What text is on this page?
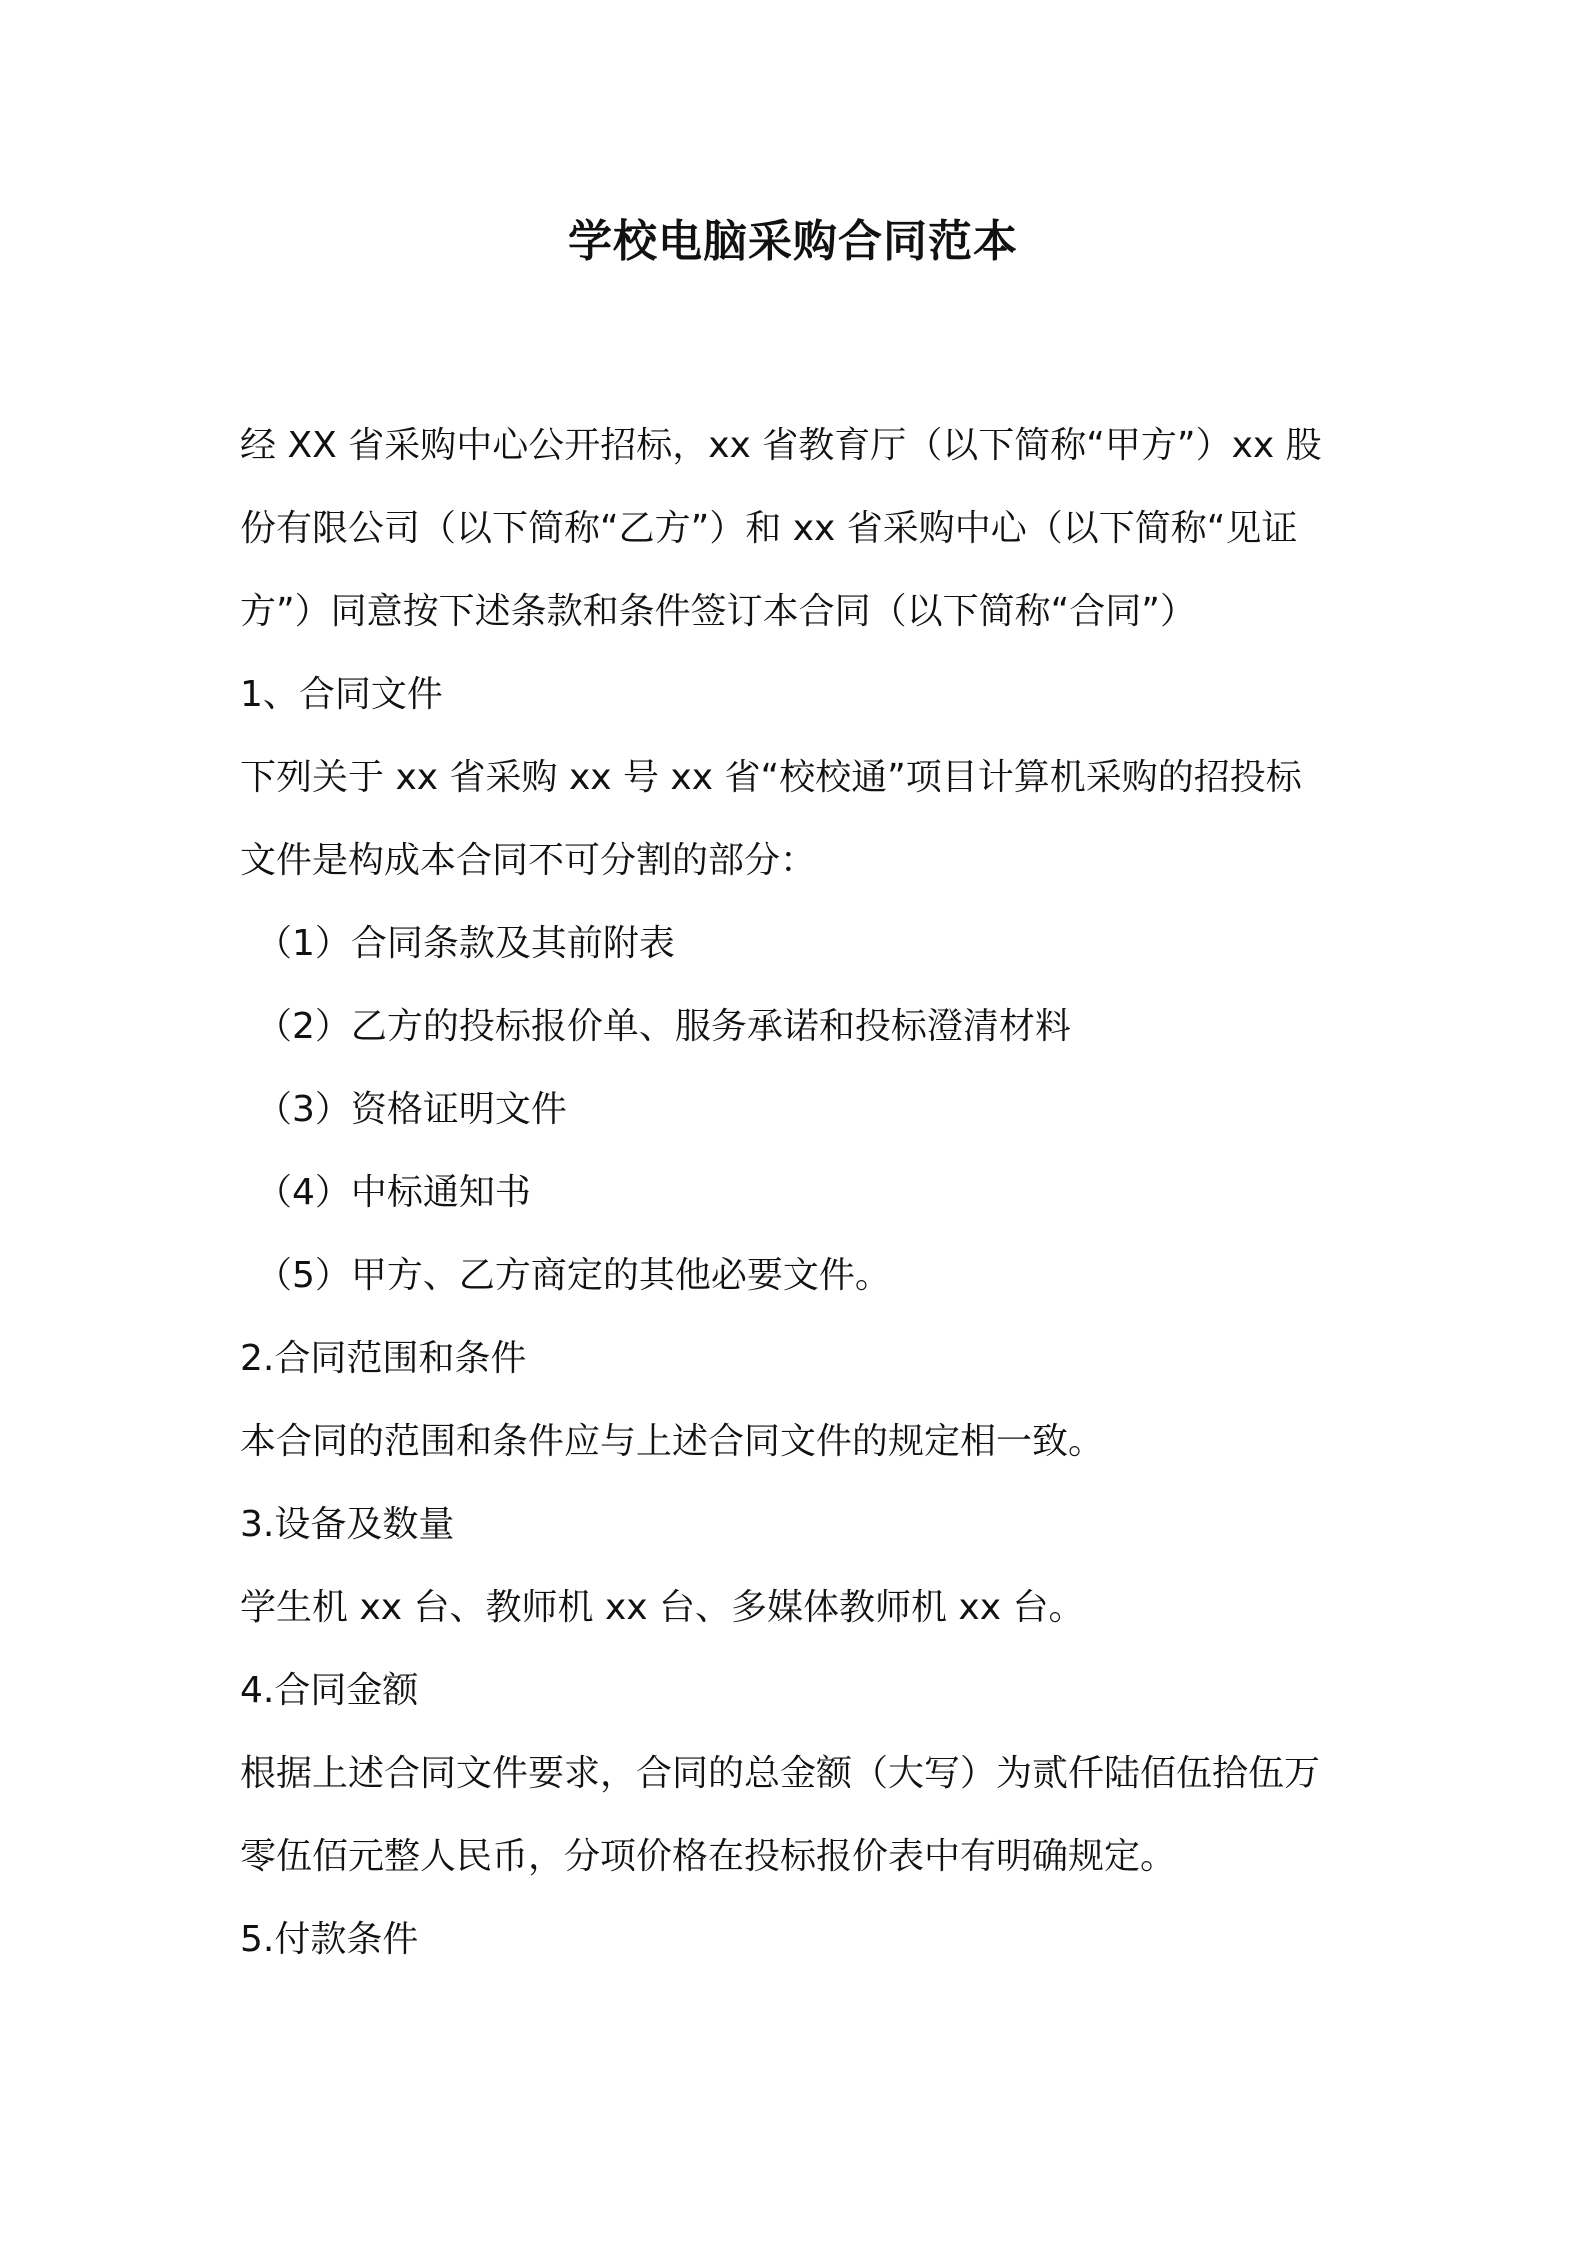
学校电脑采购合同范本
经 XX 省采购中心公开招标，xx 省教育厅（以下简称“甲方”）xx 股
份有限公司（以下简称“乙方”）和 xx 省采购中心（以下简称“见证
方”）同意按下述条款和条件签订本合同（以下简称“合同”）
1、合同文件
下列关于 xx 省采购 xx 号 xx 省“校校通”项目计算机采购的招投标
文件是构成本合同不可分割的部分：
（1）合同条款及其前附表
（2）乙方的投标报价单、服务承诺和投标澄清材料
（3）资格证明文件
（4）中标通知书
（5）甲方、乙方商定的其他必要文件。
2.合同范围和条件
本合同的范围和条件应与上述合同文件的规定相一致。
3.设备及数量
学生机 xx 台、教师机 xx 台、多媒体教师机 xx 台。
4.合同金额
根据上述合同文件要求，合同的总金额（大写）为贰仟陆佰伍拾伍万
零伍佰元整人民币，分项价格在投标报价表中有明确规定。
5.付款条件
